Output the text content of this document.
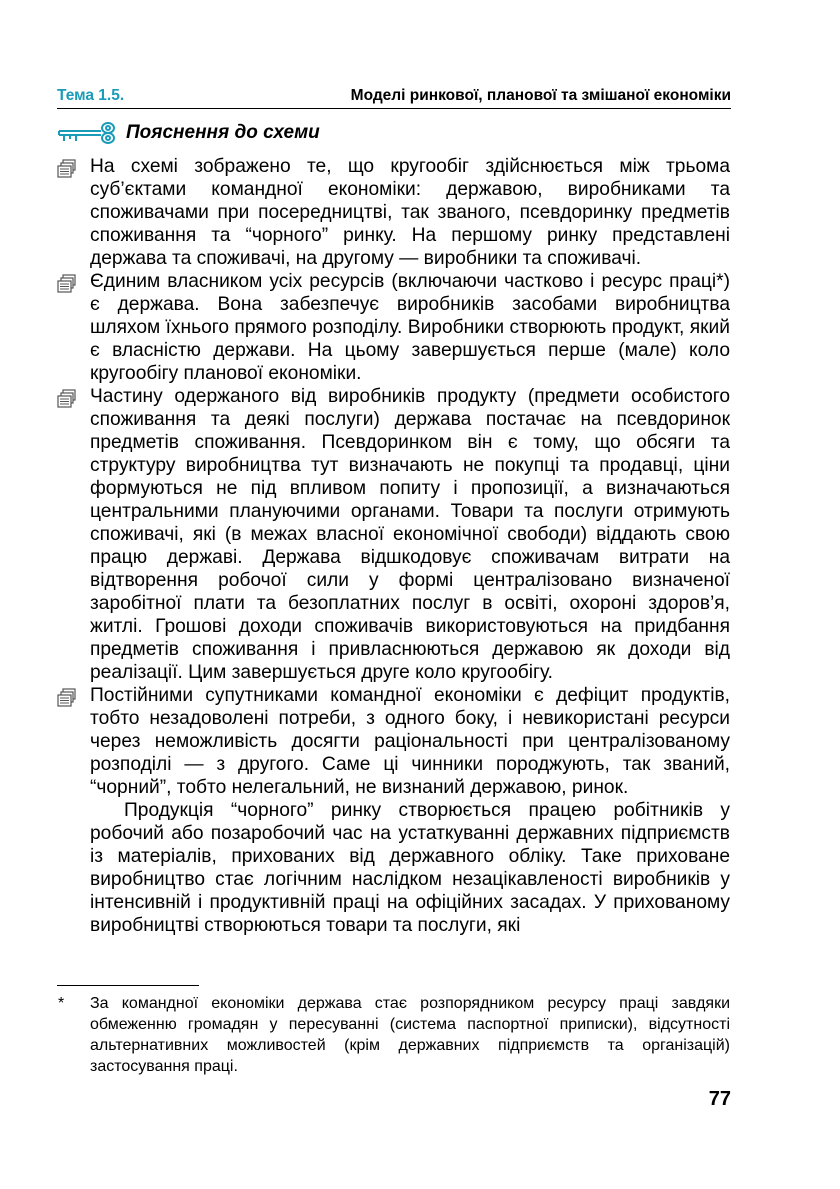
Тема 1.5.	Моделі ринкової, планової та змішаної економіки
Пояснення до схеми

На схемі зображено те, що кругообіг здійснюється між трьома суб’єктами командної економіки: державою, виробниками та споживачами при посередництві, так званого, псевдоринку предметів споживання та “чорного” ринку. На першому ринку представлені держава та споживачі, на другому — виробники та споживачі.

Єдиним власником усіх ресурсів (включаючи частково і ресурс праці*) є держава. Вона забезпечує виробників засобами виробництва шляхом їхнього прямого розподілу. Виробники створюють продукт, який є власністю держави. На цьому завершується перше (мале) коло кругообігу планової економіки.

Частину одержаного від виробників продукту (предмети особистого споживання та деякі послуги) держава постачає на псевдоринок предметів споживання. Псевдоринком він є тому, що обсяги та структуру виробництва тут визначають не покупці та продавці, ціни формуються не під впливом попиту і пропозиції, а визначаються центральними плануючими органами. Товари та послуги отримують споживачі, які (в межах власної економічної свободи) віддають свою працю державі. Держава відшкодовує споживачам витрати на відтворення робочої сили у формі централізовано визначеної заробітної плати та безоплатних послуг в освіті, охороні здоров’я, житлі. Грошові доходи споживачів використовуються на придбання предметів споживання і привласнюються державою як доходи від реалізації. Цим завершується друге коло кругообігу.

Постійними супутниками командної економіки є дефіцит продуктів, тобто незадоволені потреби, з одного боку, і невикористані ресурси через неможливість досягти раціональності при централізованому розподілі — з другого. Саме ці чинники породжують, так званий, “чорний”, тобто нелегальний, не визнаний державою, ринок.

Продукція “чорного” ринку створюється працею робітників у робочий або позаробочий час на устаткуванні державних підприємств із матеріалів, прихованих від державного обліку. Таке приховане виробництво стає логічним наслідком незацікавленості виробників у інтенсивній і продуктивній праці на офіційних засадах. У прихованому виробництві створюються товари та послуги, які

* За командної економіки держава стає розпорядником ресурсу праці завдяки обмеженню громадян у пересуванні (система паспортної приписки), відсутності альтернативних можливостей (крім державних підприємств та організацій) застосування праці.
77
